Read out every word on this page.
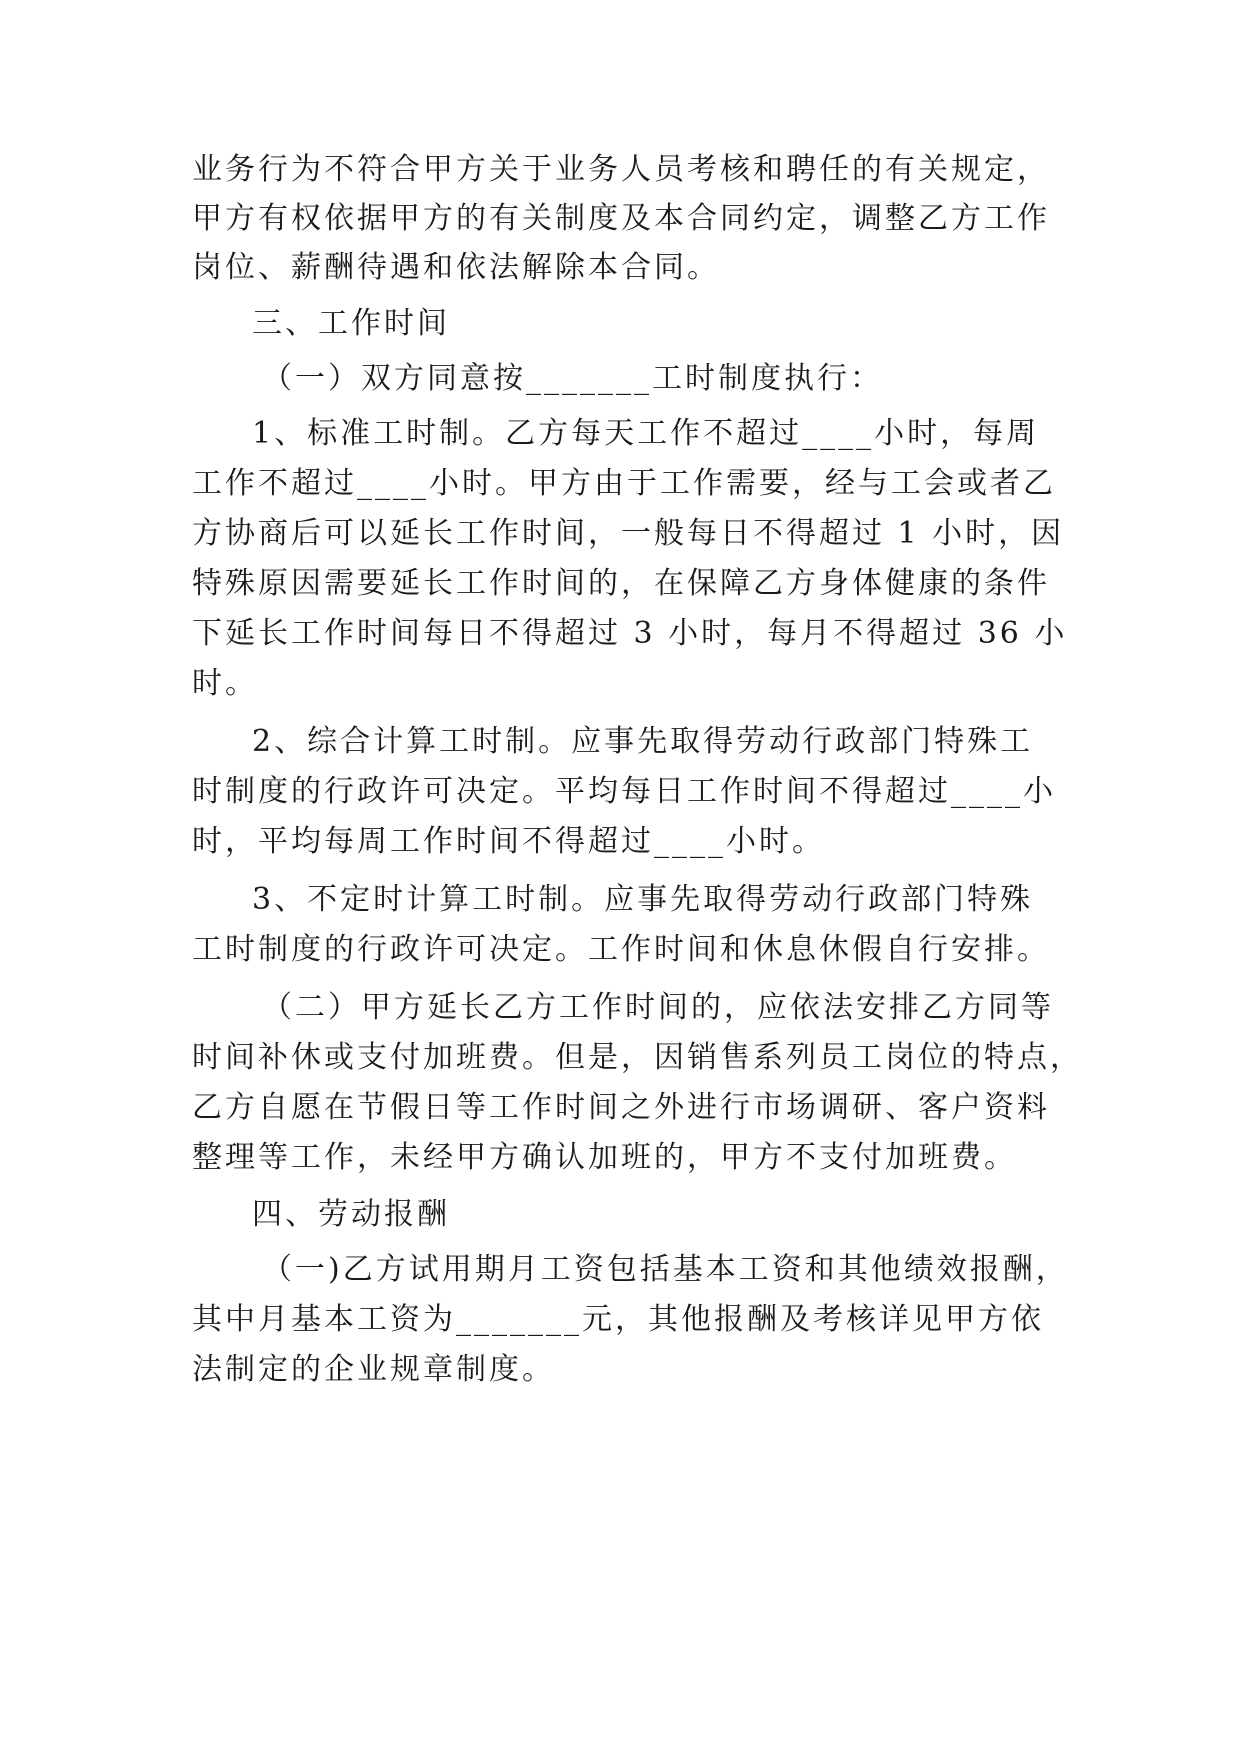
业务行为不符合甲方关于业务人员考核和聘任的有关规定，
甲方有权依据甲方的有关制度及本合同约定，调整乙方工作
岗位、薪酬待遇和依法解除本合同。
三、工作时间
（一）双方同意按_______工时制度执行：
1、标准工时制。乙方每天工作不超过____小时，每周
工作不超过____小时。甲方由于工作需要，经与工会或者乙
方协商后可以延长工作时间，一般每日不得超过 1 小时，因
特殊原因需要延长工作时间的，在保障乙方身体健康的条件
下延长工作时间每日不得超过 3 小时，每月不得超过 36 小
时。
2、综合计算工时制。应事先取得劳动行政部门特殊工
时制度的行政许可决定。平均每日工作时间不得超过____小
时，平均每周工作时间不得超过____小时。
3、不定时计算工时制。应事先取得劳动行政部门特殊
工时制度的行政许可决定。工作时间和休息休假自行安排。
（二）甲方延长乙方工作时间的，应依法安排乙方同等
时间补休或支付加班费。但是，因销售系列员工岗位的特点，
乙方自愿在节假日等工作时间之外进行市场调研、客户资料
整理等工作，未经甲方确认加班的，甲方不支付加班费。
四、劳动报酬
（一)乙方试用期月工资包括基本工资和其他绩效报酬，
其中月基本工资为_______元，其他报酬及考核详见甲方依
法制定的企业规章制度。
